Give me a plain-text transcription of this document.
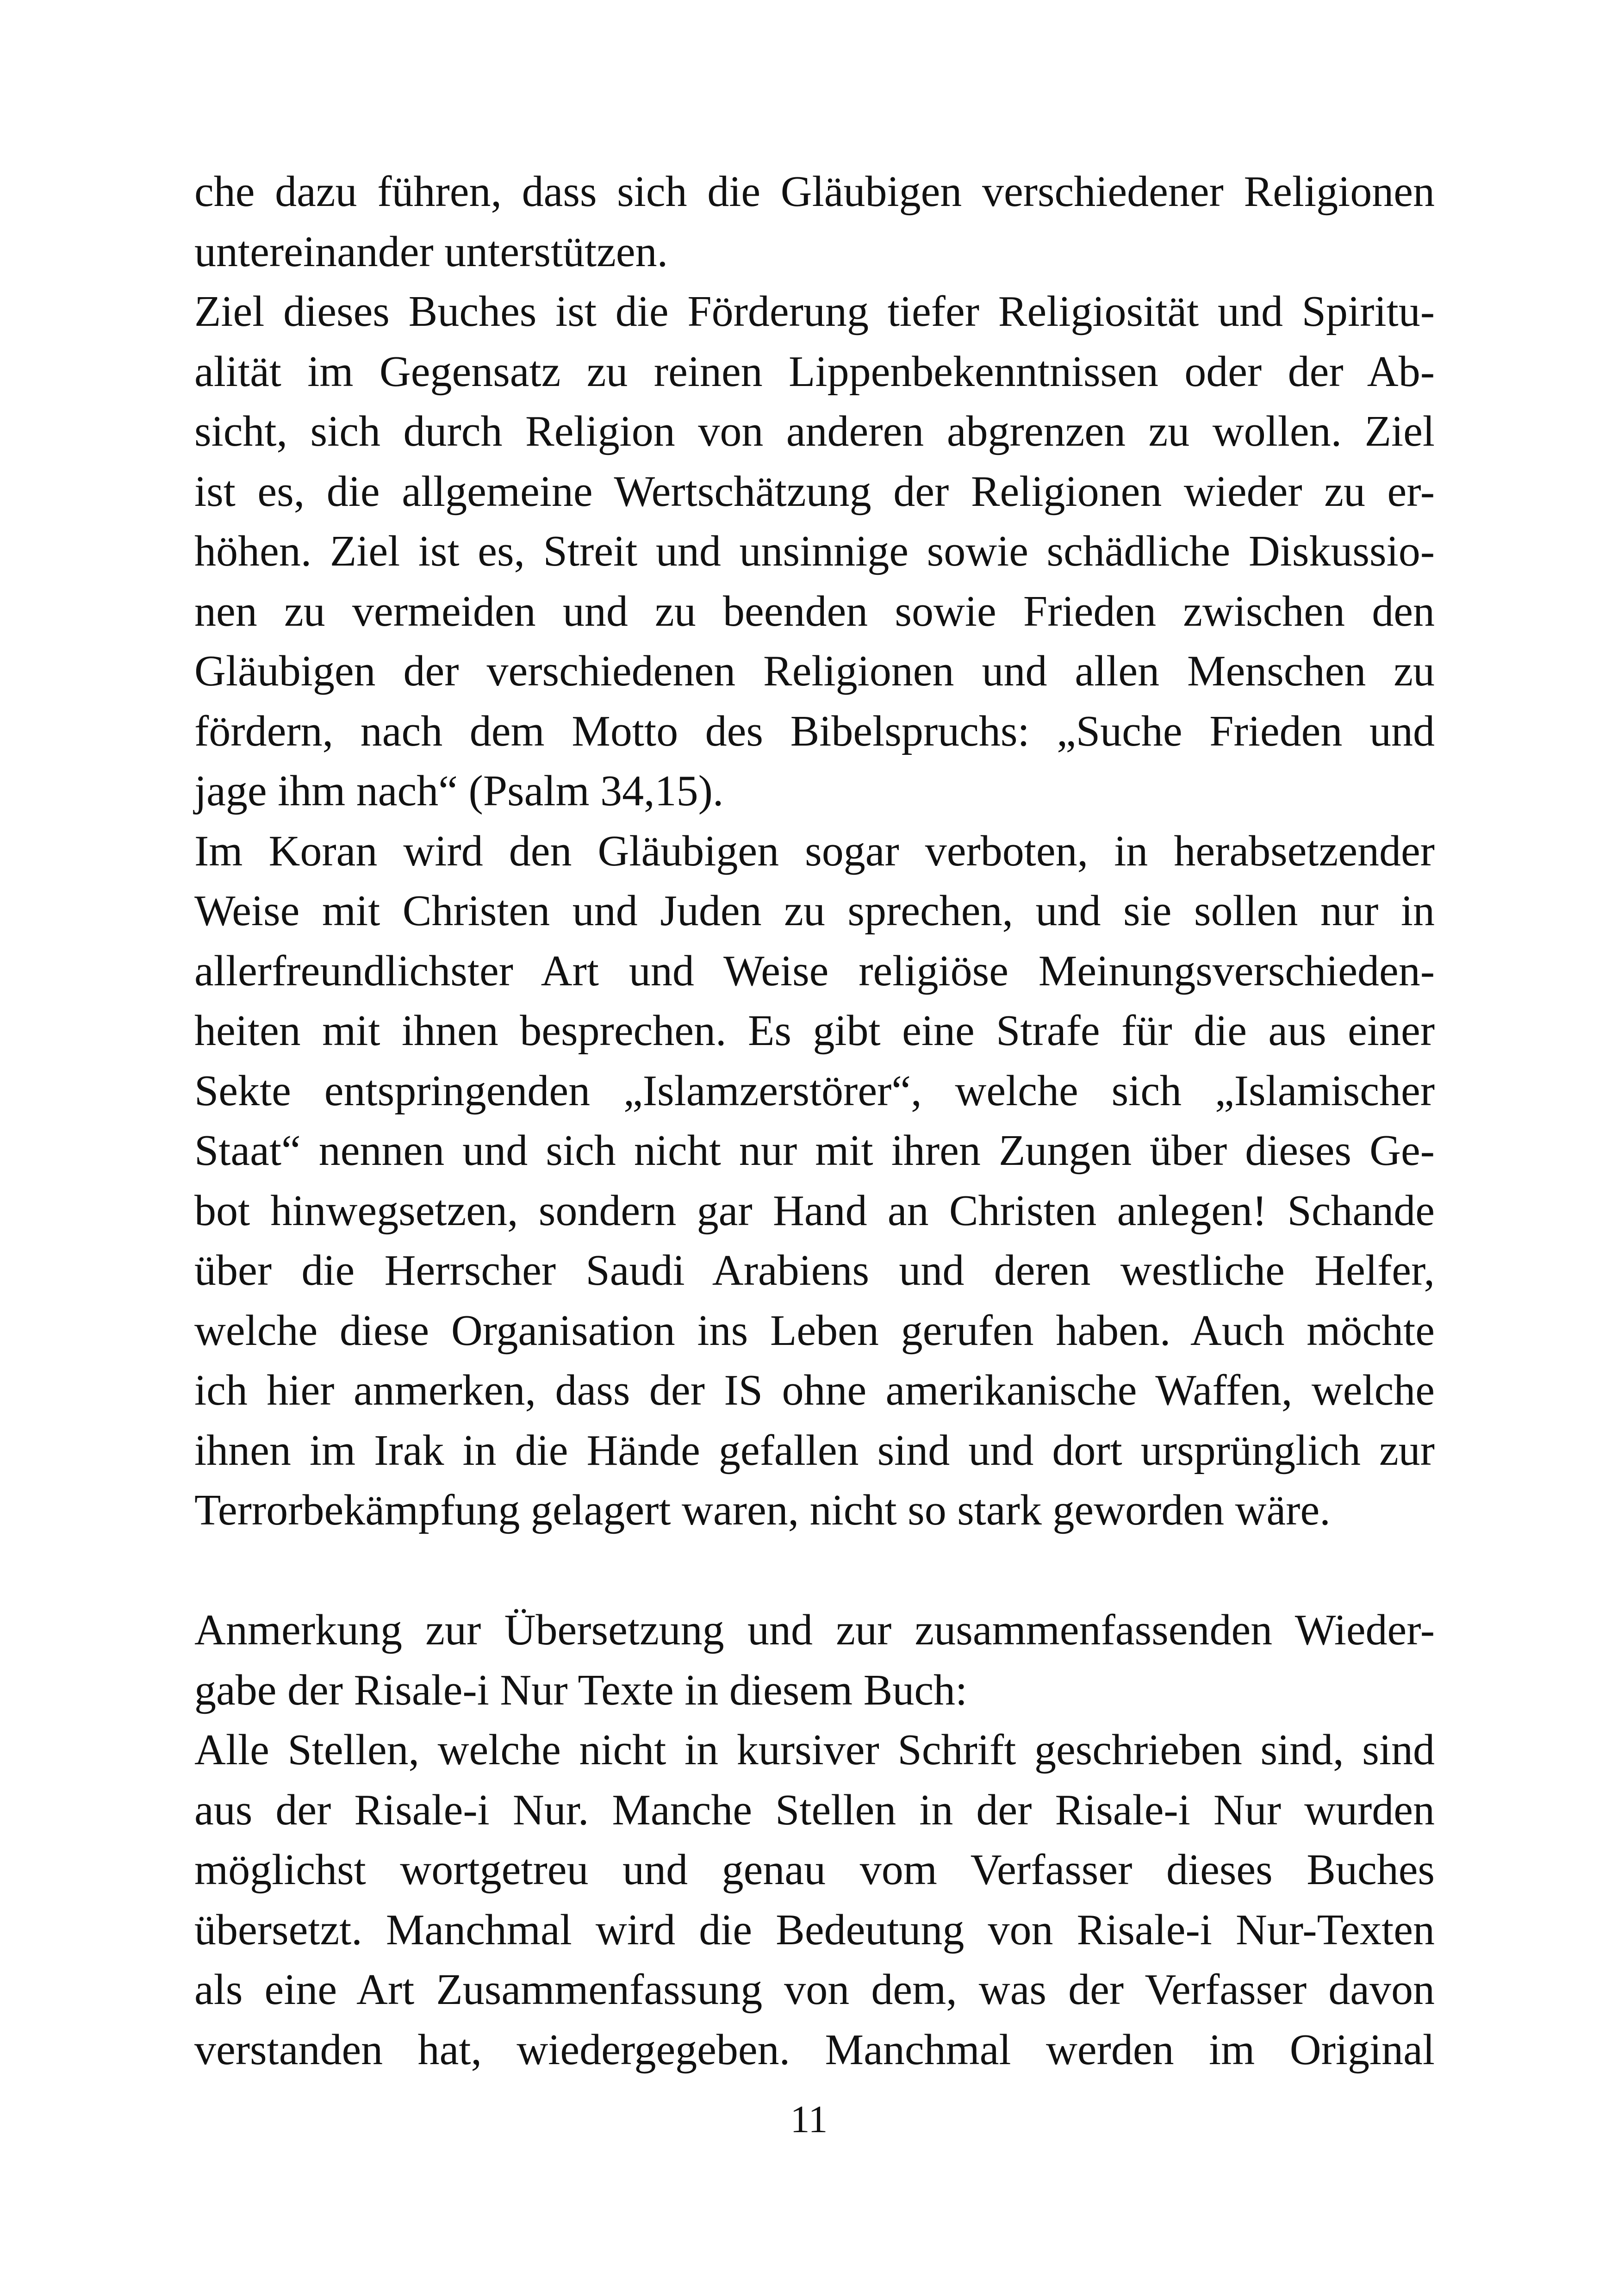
che dazu führen, dass sich die Gläubigen verschiedener Religionen
untereinander unterstützen.
Ziel dieses Buches ist die Förderung tiefer Religiosität und Spiritu-
alität im Gegensatz zu reinen Lippenbekenntnissen oder der Ab-
sicht, sich durch Religion von anderen abgrenzen zu wollen. Ziel
ist es, die allgemeine Wertschätzung der Religionen wieder zu er-
höhen. Ziel ist es, Streit und unsinnige sowie schädliche Diskussio-
nen zu vermeiden und zu beenden sowie Frieden zwischen den
Gläubigen der verschiedenen Religionen und allen Menschen zu
fördern, nach dem Motto des Bibelspruchs: „Suche Frieden und
jage ihm nach“ (Psalm 34,15).
Im Koran wird den Gläubigen sogar verboten, in herabsetzender
Weise mit Christen und Juden zu sprechen, und sie sollen nur in
allerfreundlichster Art und Weise religiöse Meinungsverschieden-
heiten mit ihnen besprechen. Es gibt eine Strafe für die aus einer
Sekte entspringenden „Islamzerstörer“, welche sich „Islamischer
Staat“ nennen und sich nicht nur mit ihren Zungen über dieses Ge-
bot hinwegsetzen, sondern gar Hand an Christen anlegen! Schande
über die Herrscher Saudi Arabiens und deren westliche Helfer,
welche diese Organisation ins Leben gerufen haben. Auch möchte
ich hier anmerken, dass der IS ohne amerikanische Waffen, welche
ihnen im Irak in die Hände gefallen sind und dort ursprünglich zur
Terrorbekämpfung gelagert waren, nicht so stark geworden wäre.
Anmerkung zur Übersetzung und zur zusammenfassenden Wieder-
gabe der Risale-i Nur Texte in diesem Buch:
Alle Stellen, welche nicht in kursiver Schrift geschrieben sind, sind
aus der Risale-i Nur. Manche Stellen in der Risale-i Nur wurden
möglichst wortgetreu und genau vom Verfasser dieses Buches
übersetzt. Manchmal wird die Bedeutung von Risale-i Nur-Texten
als eine Art Zusammenfassung von dem, was der Verfasser davon
verstanden hat, wiedergegeben. Manchmal werden im Original
11
